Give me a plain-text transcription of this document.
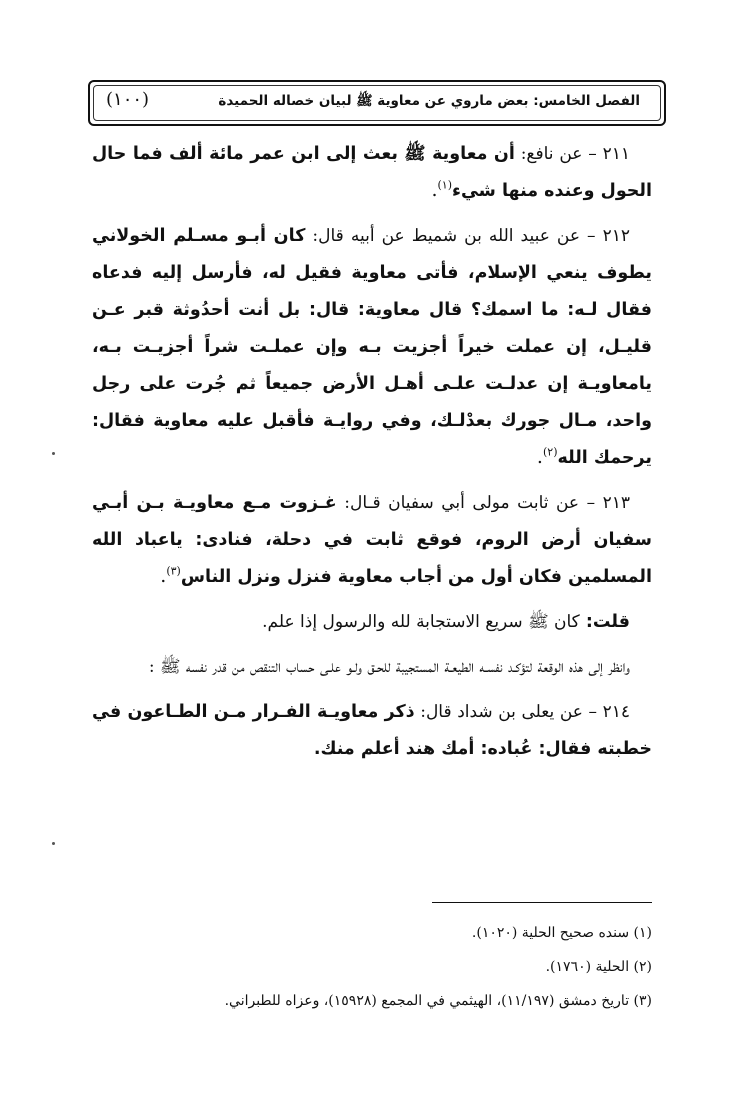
الفصل الخامس: بعض ماروي عن معاوية ﷺ لبيان خصاله الحميدة
(١٠٠)

٢١١ – عن نافع: أن معاوية ﷺ بعث إلى ابن عمر مائة ألف فما حال الحول وعنده منها شيء$^{(١)}$.

٢١٢ – عن عبيد الله بن شميط عن أبيه قال: كان أبـو مسـلم الخولاني يطوف ينعي الإسلام، فأتى معاوية فقيل له، فأرسل إليه فدعاه فقال لـه: ما اسمك؟ قال معاوية: قال: بل أنت أحدُوثة قبر عـن قليـل، إن عملت خيراً أجزيت بـه وإن عملـت شراً أجزيـت بـه، يامعاويـة إن عدلـت علـى أهـل الأرض جميعاً ثم جُرت على رجل واحد، مـال جورك بعدْلـك، وفي روايـة فأقبل عليه معاوية فقال: يرحمك الله$^{(٢)}$.

٢١٣ – عن ثابت مولى أبي سفيان قـال: غـزوت مـع معاويـة بـن أبـي سفيان أرض الروم، فوقع ثابت في دحلة، فنادى: ياعباد الله المسلمين فكان أول من أجاب معاوية فنزل ونزل الناس$^{(٣)}$.

قلت: كان ﷺ سريع الاستجابة لله والرسول إذا علم.

وانظر إلى هذه الوقعة لتؤكـد نفسـه الطيعـة المستجيبة للحـق ولـو علـى حساب التنقص من قدر نفسه ﷺ :

٢١٤ – عن يعلى بن شداد قال: ذكر معاويـة الفـرار مـن الطـاعون في خطبته فقال: عُباده: أمك هند أعلم منك.

(١) سنده صحيح الحلية (١٠٢٠).

(٢) الحلية (١٧٦٠).

(٣) تاريخ دمشق (١١/١٩٧)، الهيثمي في المجمع (١٥٩٢٨)، وعزاه للطبراني.
